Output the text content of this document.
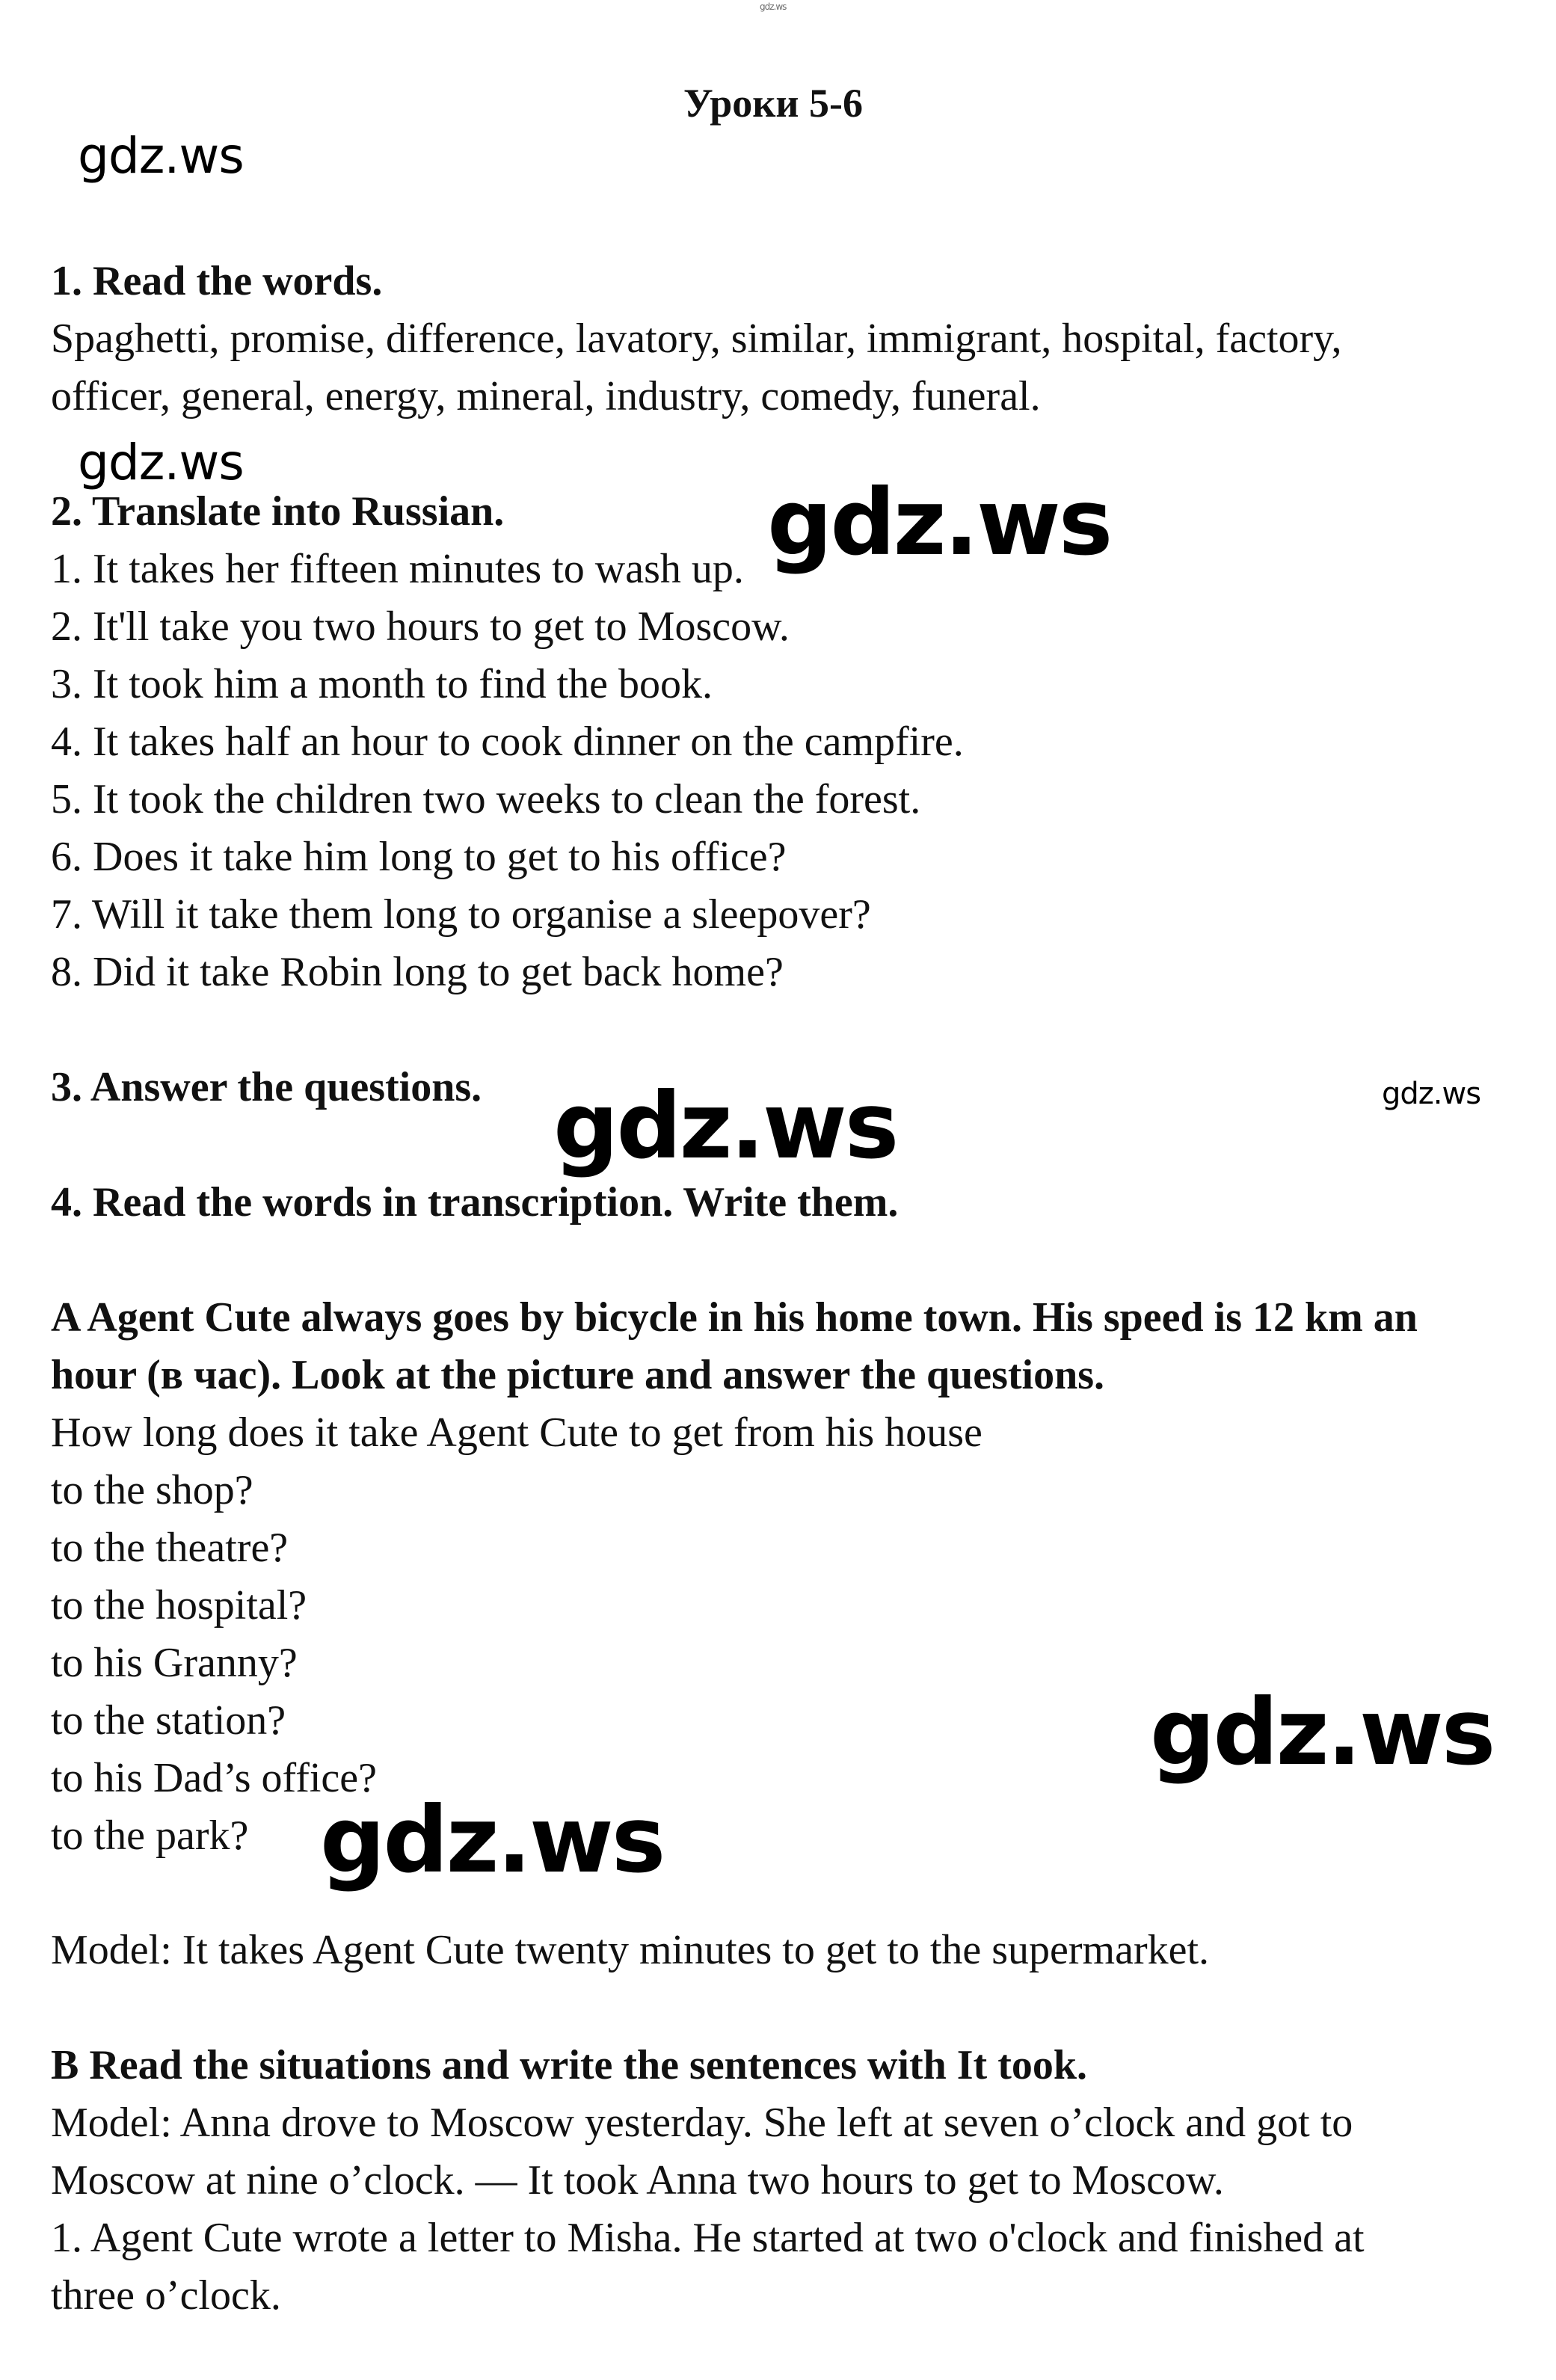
gdz.ws

Уроки 5-6

gdz.ws

1. Read the words.

Spaghetti, promise, difference, lavatory, similar, immigrant, hospital, factory,

officer, general, energy, mineral, industry, comedy, funeral.

gdz.ws

2. Translate into Russian.

1. It takes her fifteen minutes to wash up.

2. It'll take you two hours to get to Moscow.

3. It took him a month to find the book.

4. It takes half an hour to cook dinner on the campfire.

5. It took the children two weeks to clean the forest.

6. Does it take him long to get to his office?

7. Will it take them long to organise a sleepover?

8. Did it take Robin long to get back home?

gdz.ws

3. Answer the questions.	gdz.ws
gdz.ws

4. Read the words in transcription. Write them.

A Agent Cute always goes by bicycle in his home town. His speed is 12 km an

hour (в час). Look at the picture and answer the questions.

How long does it take Agent Cute to get from his house

to the shop?

to the theatre?

to the hospital?

to his Granny?

to the station?

to his Dad’s office?

to the park?

gdz.ws
gdz.ws

Model: It takes Agent Cute twenty minutes to get to the supermarket.

B Read the situations and write the sentences with It took.

Model: Anna drove to Moscow yesterday. She left at seven o’clock and got to

Moscow at nine o’clock. — It took Anna two hours to get to Moscow.

1. Agent Cute wrote a letter to Misha. He started at two o'clock and finished at

three o’clock.
